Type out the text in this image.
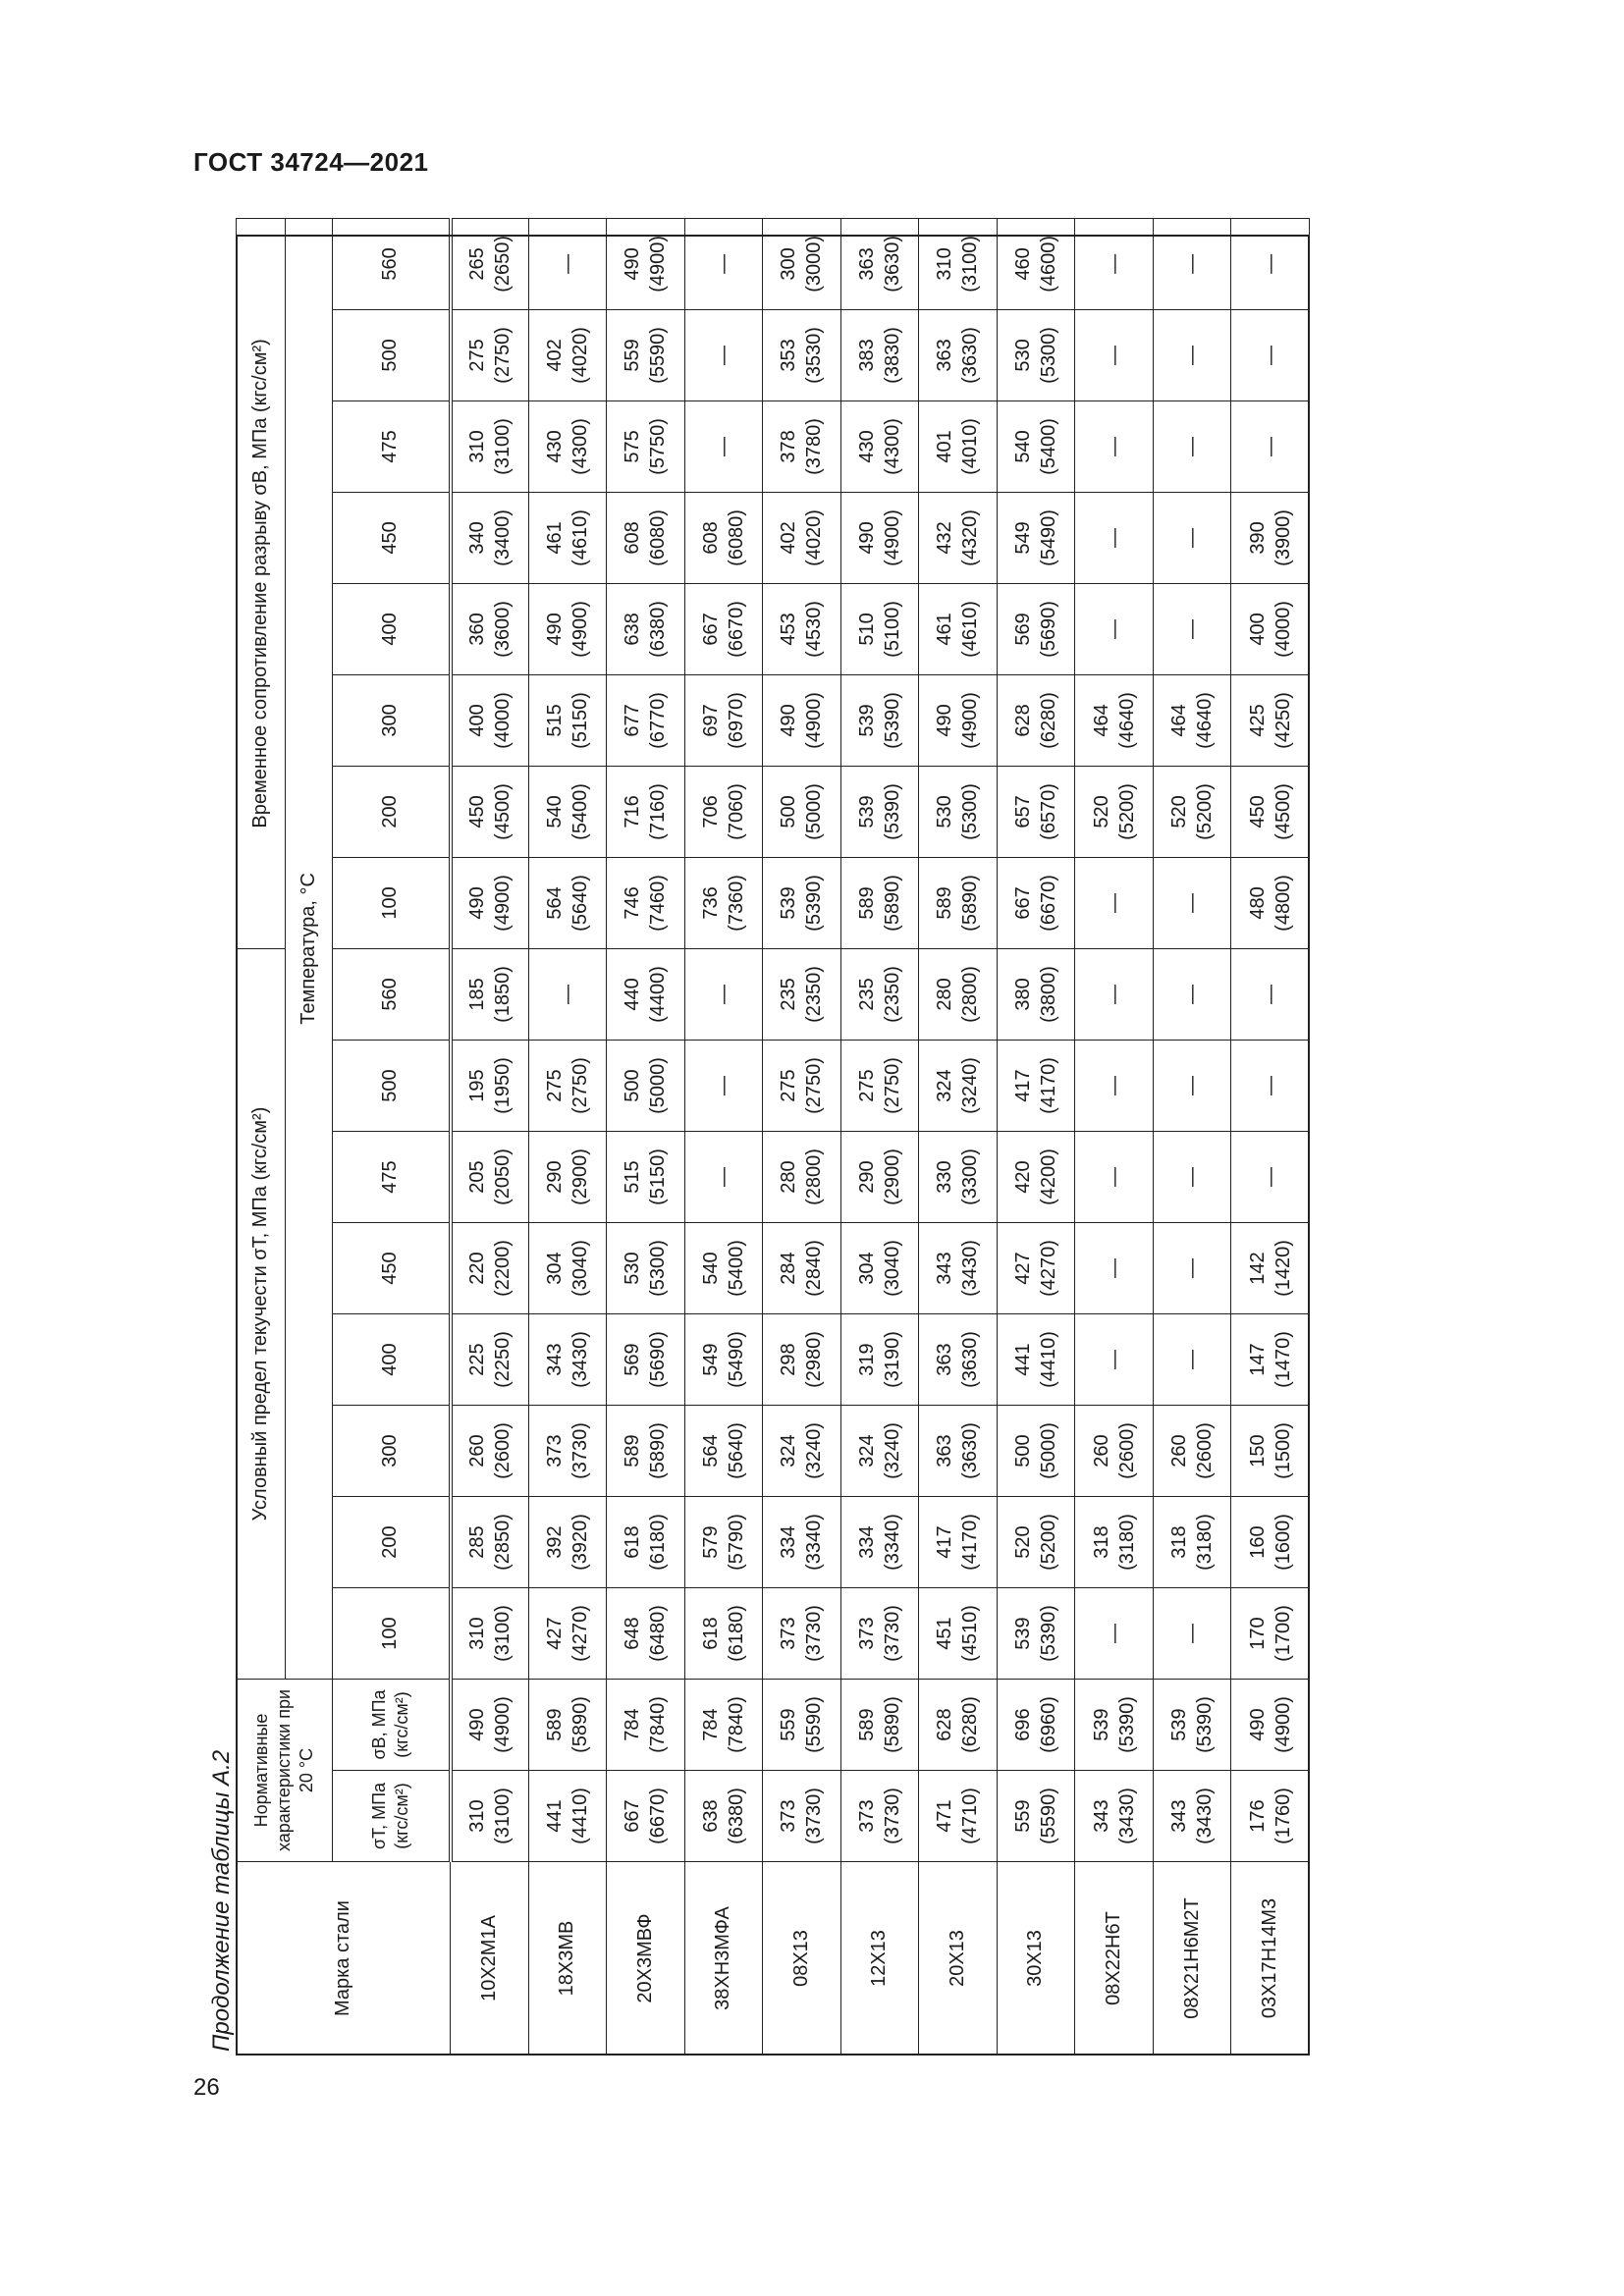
ГОСТ 34724—2021
Продолжение таблицы А.2
26
Марка стали	Нормативные характеристики при 20 °С		Условный предел текучести σT, МПа (кгс/см²)								Временное сопротивление разрыву σB, МПа (кгс/см²)							
			Температура, °С															
	σT, МПа (кгс/см²)	σВ, МПа (кгс/см²)	100	200	300	400	450	475	500	560	100	200	300	400	450	475	500	560
10Х2М1А	310 (3100)	490 (4900)	310 (3100)	285 (2850)	260 (2600)	225 (2250)	220 (2200)	205 (2050)	195 (1950)	185 (1850)	490 (4900)	450 (4500)	400 (4000)	360 (3600)	340 (3400)	310 (3100)	275 (2750)	265 (2650)

18Х3МВ	441 (4410)	589 (5890)	427 (4270)	392 (3920)	373 (3730)	343 (3430)	304 (3040)	290 (2900)	275 (2750)	—	564 (5640)	540 (5400)	515 (5150)	490 (4900)	461 (4610)	430 (4300)	402 (4020)	—

20Х3МВФ	667 (6670)	784 (7840)	648 (6480)	618 (6180)	589 (5890)	569 (5690)	530 (5300)	515 (5150)	500 (5000)	440 (4400)	746 (7460)	716 (7160)	677 (6770)	638 (6380)	608 (6080)	575 (5750)	559 (5590)	490 (4900)

38ХН3МФА	638 (6380)	784 (7840)	618 (6180)	579 (5790)	564 (5640)	549 (5490)	540 (5400)	—	—	—	736 (7360)	706 (7060)	697 (6970)	667 (6670)	608 (6080)	—	—	—

08Х13	373 (3730)	559 (5590)	373 (3730)	334 (3340)	324 (3240)	298 (2980)	284 (2840)	280 (2800)	275 (2750)	235 (2350)	539 (5390)	500 (5000)	490 (4900)	453 (4530)	402 (4020)	378 (3780)	353 (3530)	300 (3000)

12Х13	373 (3730)	589 (5890)	373 (3730)	334 (3340)	324 (3240)	319 (3190)	304 (3040)	290 (2900)	275 (2750)	235 (2350)	589 (5890)	539 (5390)	539 (5390)	510 (5100)	490 (4900)	430 (4300)	383 (3830)	363 (3630)

20Х13	471 (4710)	628 (6280)	451 (4510)	417 (4170)	363 (3630)	363 (3630)	343 (3430)	330 (3300)	324 (3240)	280 (2800)	589 (5890)	530 (5300)	490 (4900)	461 (4610)	432 (4320)	401 (4010)	363 (3630)	310 (3100)

30Х13	559 (5590)	696 (6960)	539 (5390)	520 (5200)	500 (5000)	441 (4410)	427 (4270)	420 (4200)	417 (4170)	380 (3800)	667 (6670)	657 (6570)	628 (6280)	569 (5690)	549 (5490)	540 (5400)	530 (5300)	460 (4600)

08Х22Н6Т	343 (3430)	539 (5390)	—	318 (3180)	260 (2600)	—	—	—	—	—	—	520 (5200)	464 (4640)	—	—	—	—	—

08Х21Н6М2Т	343 (3430)	539 (5390)	—	318 (3180)	260 (2600)	—	—	—	—	—	—	520 (5200)	464 (4640)	—	—	—	—	—

03Х17Н14М3	176 (1760)	490 (4900)	170 (1700)	160 (1600)	150 (1500)	147 (1470)	142 (1420)	—	—	—	480 (4800)	450 (4500)	425 (4250)	400 (4000)	390 (3900)	—	—	—
